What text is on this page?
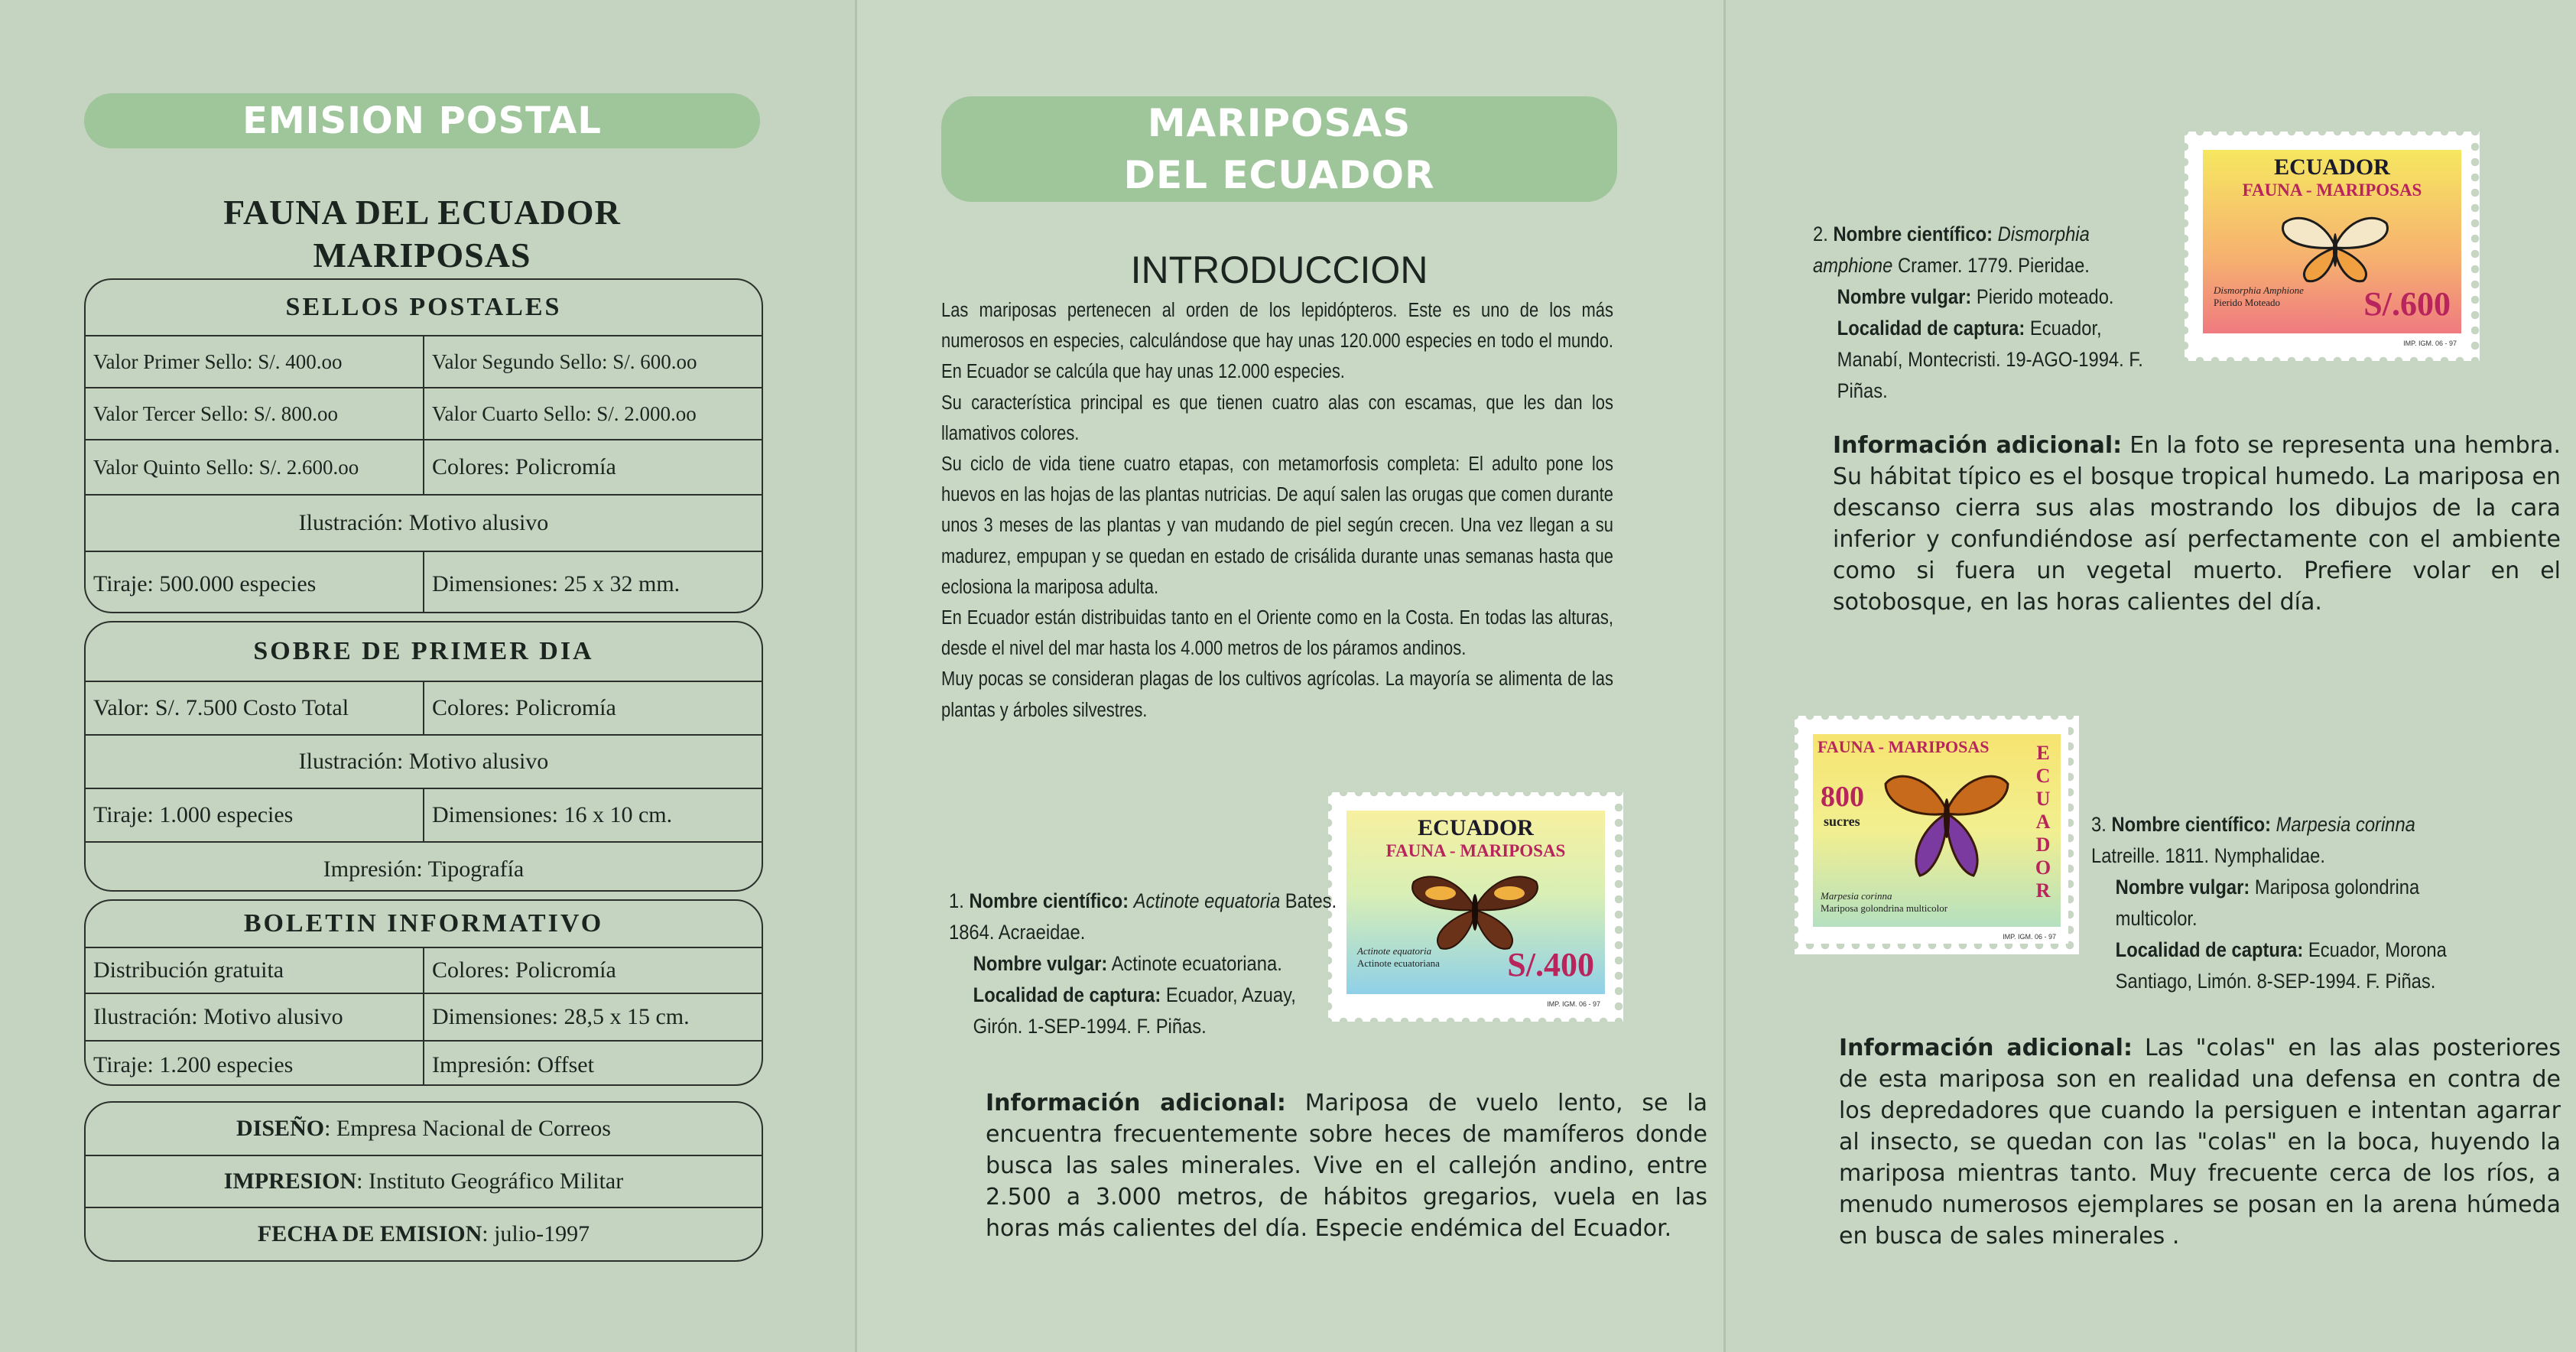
EMISION POSTAL
FAUNA DEL ECUADOR
MARIPOSAS
SELLOS POSTALES
Valor Primer Sello: S/. 400.oo	Valor Segundo Sello: S/. 600.oo
Valor Tercer Sello: S/. 800.oo	Valor Cuarto Sello: S/. 2.000.oo
Valor Quinto Sello: S/. 2.600.oo	Colores: Policromía
Ilustración: Motivo alusivo
Tiraje: 500.000 especies	Dimensiones: 25 x 32 mm.
SOBRE DE PRIMER DIA
Valor: S/. 7.500 Costo Total	Colores: Policromía
Ilustración: Motivo alusivo
Tiraje: 1.000 especies	Dimensiones: 16 x 10 cm.
Impresión: Tipografía
BOLETIN INFORMATIVO
Distribución gratuita	Colores: Policromía
Ilustración: Motivo alusivo	Dimensiones: 28,5 x 15 cm.
Tiraje: 1.200 especies	Impresión: Offset
DISEÑO : Empresa Nacional de Correos
IMPRESION : Instituto Geográfico Militar
FECHA DE EMISION : julio-1997
MARIPOSAS
DEL ECUADOR
INTRODUCCION

Las mariposas pertenecen al orden de los lepidópteros. Este es uno de los más numerosos en especies, calculándose que hay unas 120.000 especies en todo el mundo. En Ecuador se calcúla que hay unas 12.000 especies.

Su característica principal es que tienen cuatro alas con escamas, que les dan los llamativos colores.

Su ciclo de vida tiene cuatro etapas, con metamorfosis completa: El adulto pone los huevos en las hojas de las plantas nutricias. De aquí salen las orugas que comen durante unos 3 meses de las plantas y van mudando de piel según crecen. Una vez llegan a su madurez, empupan y se quedan en estado de crisálida durante unas semanas hasta que eclosiona la mariposa adulta.

En Ecuador están distribuidas tanto en el Oriente como en la Costa. En todas las alturas, desde el nivel del mar hasta los 4.000 metros de los páramos andinos.

Muy pocas se consideran plagas de los cultivos agrícolas. La mayoría se alimenta de las plantas y árboles silvestres.

ECUADOR
FAUNA - MARIPOSAS
Actinote equatoria
Actinote ecuatoriana S/.400
IMP. IGM. 06 - 97
1. Nombre científico: Actinote equatoria Bates. 1864. Acraeidae.
Nombre vulgar: Actinote ecuatoriana.
Localidad de captura: Ecuador, Azuay, Girón. 1-SEP-1994. F. Piñas.
Información adicional: Mariposa de vuelo lento, se la encuentra frecuentemente sobre heces de mamíferos donde busca las sales minerales. Vive en el callejón andino, entre 2.500 a 3.000 metros, de hábitos gregarios, vuela en las horas más calientes del día. Especie endémica del Ecuador.
ECUADOR
FAUNA - MARIPOSAS
Dismorphia Amphione
Pierido Moteado	S/.600
IMP. IGM. 06 - 97
2. Nombre científico: Dismorphia amphione Cramer. 1779. Pieridae.
Nombre vulgar: Pierido moteado.
Localidad de captura: Ecuador, Manabí, Montecristi. 19-AGO-1994. F. Piñas.
Información adicional: En la foto se representa una hembra. Su hábitat típico es el bosque tropical humedo. La mariposa en descanso cierra sus alas mostrando los dibujos de la cara inferior y confundiéndose así perfectamente con el ambiente como si fuera un vegetal muerto. Prefiere volar en el sotobosque, en las horas calientes del día.
FAUNA - MARIPOSAS
800
sucres
ECUADOR
Marpesia corinna
Mariposa golondrina multicolor
IMP. IGM. 06 - 97
3. Nombre científico: Marpesia corinna Latreille. 1811. Nymphalidae.
Nombre vulgar: Mariposa golondrina multicolor.
Localidad de captura: Ecuador, Morona Santiago, Limón. 8-SEP-1994. F. Piñas.
Información adicional: Las "colas" en las alas posteriores de esta mariposa son en realidad una defensa en contra de los depredadores que cuando la persiguen e intentan agarrar al insecto, se quedan con las "colas" en la boca, huyendo la mariposa mientras tanto. Muy frecuente cerca de los ríos, a menudo numerosos ejemplares se posan en la arena húmeda en busca de sales minerales .
